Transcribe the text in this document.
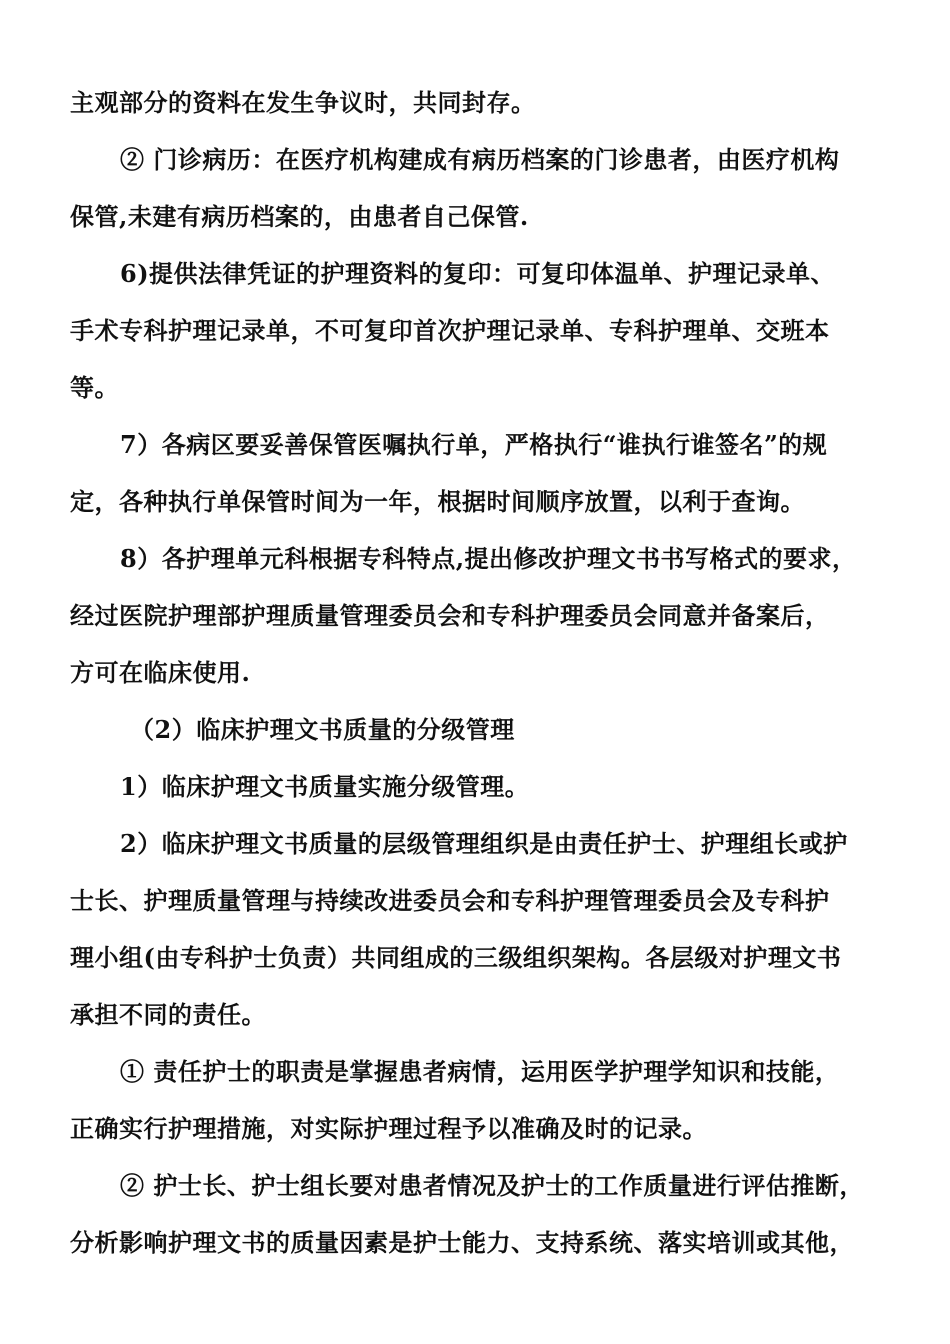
主观部分的资料在发生争议时，共同封存。
② 门诊病历：在医疗机构建成有病历档案的门诊患者，由医疗机构
保管,未建有病历档案的，由患者自己保管.
6)提供法律凭证的护理资料的复印：可复印体温单、护理记录单、
手术专科护理记录单，不可复印首次护理记录单、专科护理单、交班本
等。
7）各病区要妥善保管医嘱执行单，严格执行“谁执行谁签名”的规
定，各种执行单保管时间为一年，根据时间顺序放置，以利于查询。
8）各护理单元科根据专科特点,提出修改护理文书书写格式的要求，
经过医院护理部护理质量管理委员会和专科护理委员会同意并备案后，
方可在临床使用.
（2）临床护理文书质量的分级管理
1）临床护理文书质量实施分级管理。
2）临床护理文书质量的层级管理组织是由责任护士、护理组长或护
士长、护理质量管理与持续改进委员会和专科护理管理委员会及专科护
理小组(由专科护士负责）共同组成的三级组织架构。各层级对护理文书
承担不同的责任。
① 责任护士的职责是掌握患者病情，运用医学护理学知识和技能，
正确实行护理措施，对实际护理过程予以准确及时的记录。
② 护士长、护士组长要对患者情况及护士的工作质量进行评估推断，
分析影响护理文书的质量因素是护士能力、支持系统、落实培训或其他，
